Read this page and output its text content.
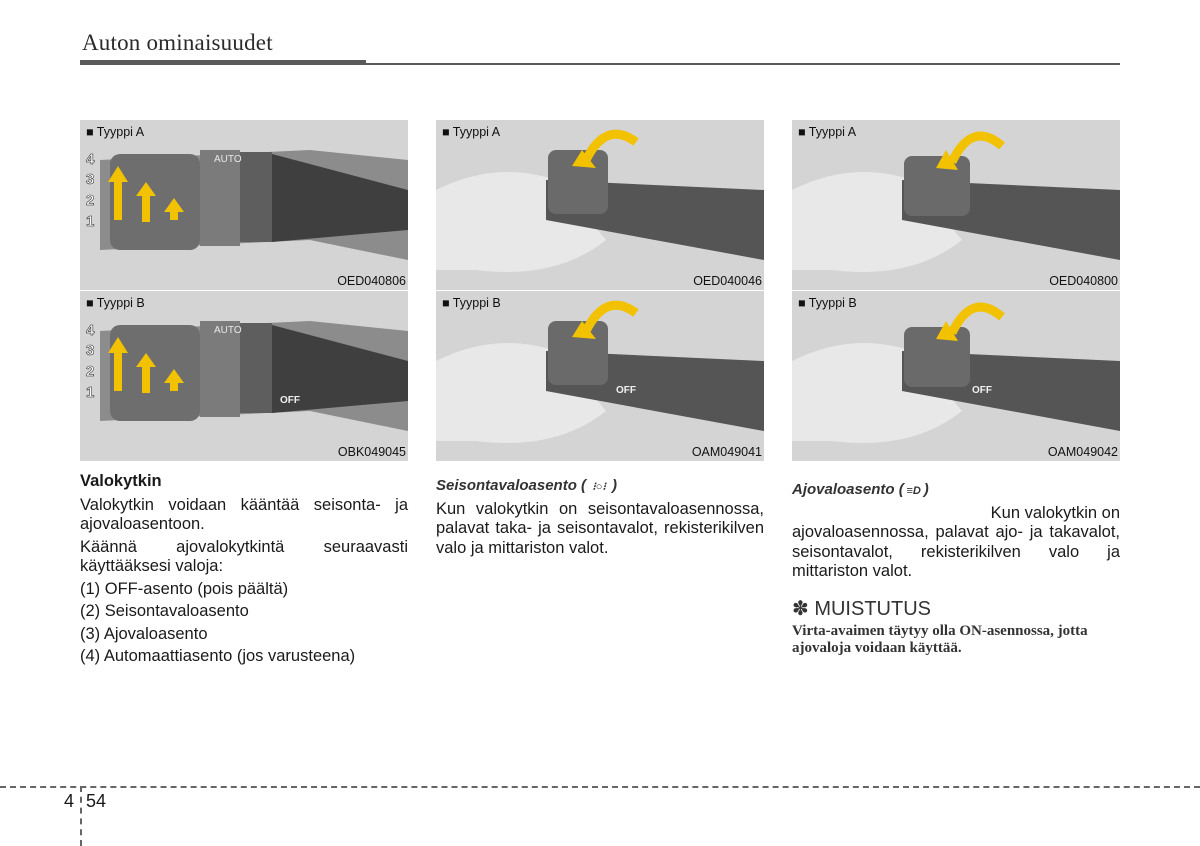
Auton ominaisuudet
4
3
2
1
AUTO
■ Tyyppi A
OED040806
4
3
2
1
AUTO
OFF
■ Tyyppi B
OBK049045
■ Tyyppi A
OED040046
OFF
■ Tyyppi B
OAM049041
■ Tyyppi A
OED040800
OFF
■ Tyyppi B
OAM049042
Valokytkin

Valokytkin voidaan kääntää seisonta- ja ajovaloasentoon.

Käännä ajovalokytkintä seuraavasti käyttääksesi valoja:

(1) OFF-asento (pois päältä)

(2) Seisontavaloasento

(3) Ajovaloasento

(4) Automaattiasento (jos varusteena)

Seisontavaloasento ( ⁝○⁝ )

Kun valokytkin on seisontavaloasennossa, palavat taka- ja seisontavalot, rekisterikilven valo ja mittariston valot.

Ajovaloasento ( ≡D )

Kun valokytkin on

ajovaloasennossa, palavat ajo- ja takavalot, seisontavalot, rekisterikilven valo ja mittariston valot.

✽ MUISTUTUS
Virta-avaimen täytyy olla ON-asennossa, jotta ajovaloja voidaan käyttää.
4 54
